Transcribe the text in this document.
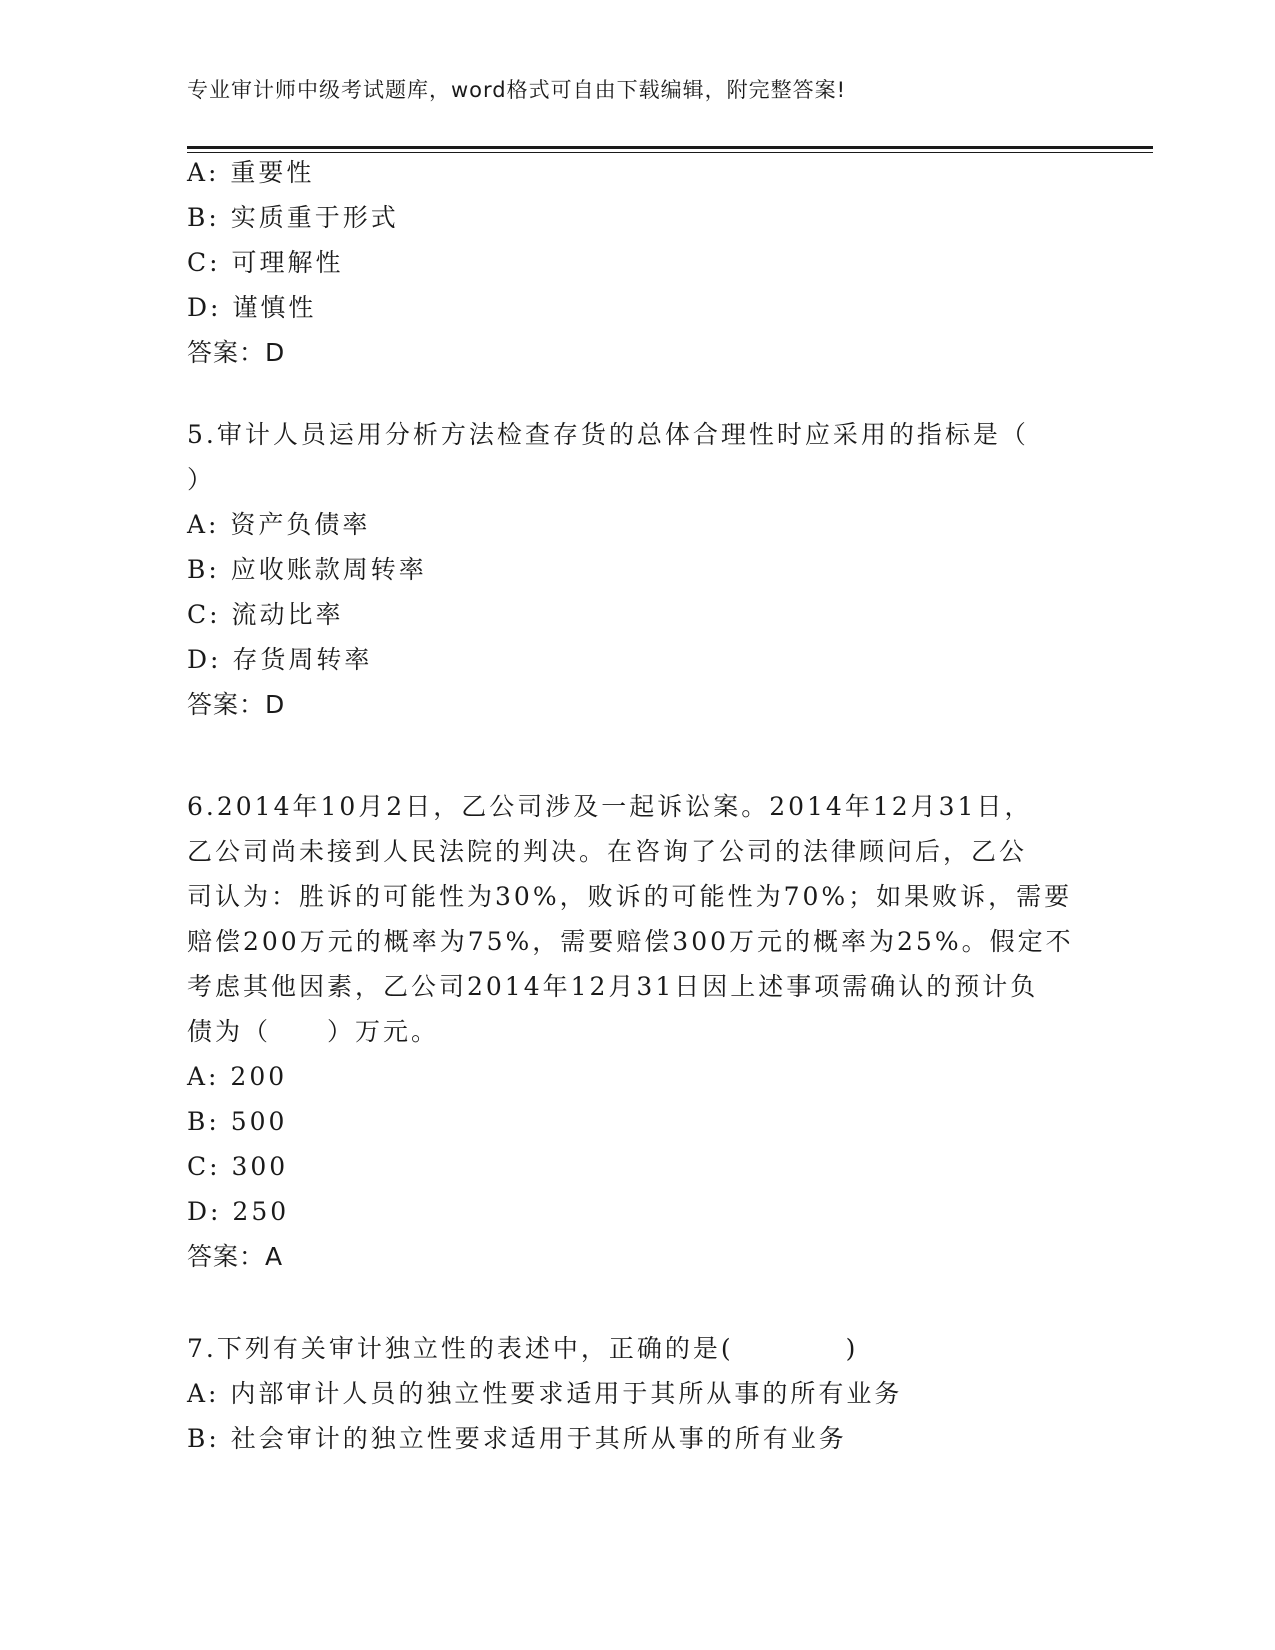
专业审计师中级考试题库，word格式可自由下载编辑，附完整答案!
A: 重要性
B: 实质重于形式
C: 可理解性
D: 谨慎性
答案：D
5.审计人员运用分析方法检查存货的总体合理性时应采用的指标是（
）
A: 资产负债率
B: 应收账款周转率
C: 流动比率
D: 存货周转率
答案：D
6.2014年10月2日，乙公司涉及一起诉讼案。2014年12月31日，
乙公司尚未接到人民法院的判决。在咨询了公司的法律顾问后，乙公
司认为：胜诉的可能性为30%，败诉的可能性为70%；如果败诉，需要
赔偿200万元的概率为75%，需要赔偿300万元的概率为25%。假定不
考虑其他因素，乙公司2014年12月31日因上述事项需确认的预计负
债为（　　）万元。
A: 200
B: 500
C: 300
D: 250
答案：A
7.下列有关审计独立性的表述中，正确的是(　　　　)
A: 内部审计人员的独立性要求适用于其所从事的所有业务
B: 社会审计的独立性要求适用于其所从事的所有业务
